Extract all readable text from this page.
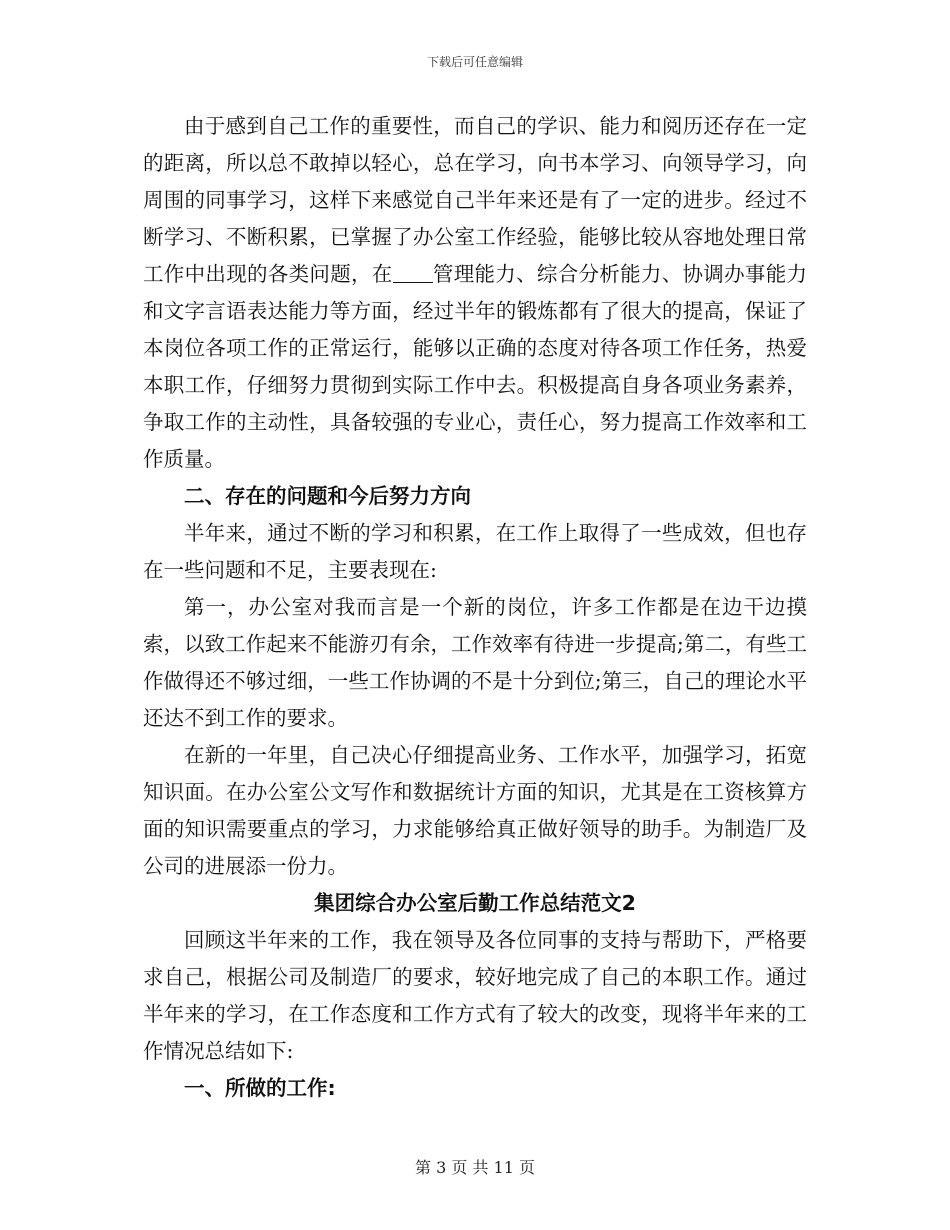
下载后可任意编辑

由于感到自己工作的重要性，而自己的学识、能力和阅历还存在一定的距离，所以总不敢掉以轻心，总在学习，向书本学习、向领导学习，向周围的同事学习，这样下来感觉自己半年来还是有了一定的进步。经过不断学习、不断积累，已掌握了办公室工作经验，能够比较从容地处理日常工作中出现的各类问题，在 管理能力、综合分析能力、协调办事能力和文字言语表达能力等方面，经过半年的锻炼都有了很大的提高，保证了本岗位各项工作的正常运行，能够以正确的态度对待各项工作任务，热爱本职工作，仔细努力贯彻到实际工作中去。积极提高自身各项业务素养，争取工作的主动性，具备较强的专业心，责任心，努力提高工作效率和工作质量。

二、存在的问题和今后努力方向

半年来，通过不断的学习和积累，在工作上取得了一些成效，但也存在一些问题和不足，主要表现在:

第一，办公室对我而言是一个新的岗位，许多工作都是在边干边摸索，以致工作起来不能游刃有余，工作效率有待进一步提高;第二，有些工作做得还不够过细，一些工作协调的不是十分到位;第三，自己的理论水平还达不到工作的要求。

在新的一年里，自己决心仔细提高业务、工作水平，加强学习，拓宽知识面。在办公室公文写作和数据统计方面的知识，尤其是在工资核算方面的知识需要重点的学习，力求能够给真正做好领导的助手。为制造厂及公司的进展添一份力。

集团综合办公室后勤工作总结范文2

回顾这半年来的工作，我在领导及各位同事的支持与帮助下，严格要求自己，根据公司及制造厂的要求，较好地完成了自己的本职工作。通过半年来的学习，在工作态度和工作方式有了较大的改变，现将半年来的工作情况总结如下:

一、所做的工作:

第 3 页 共 11 页
